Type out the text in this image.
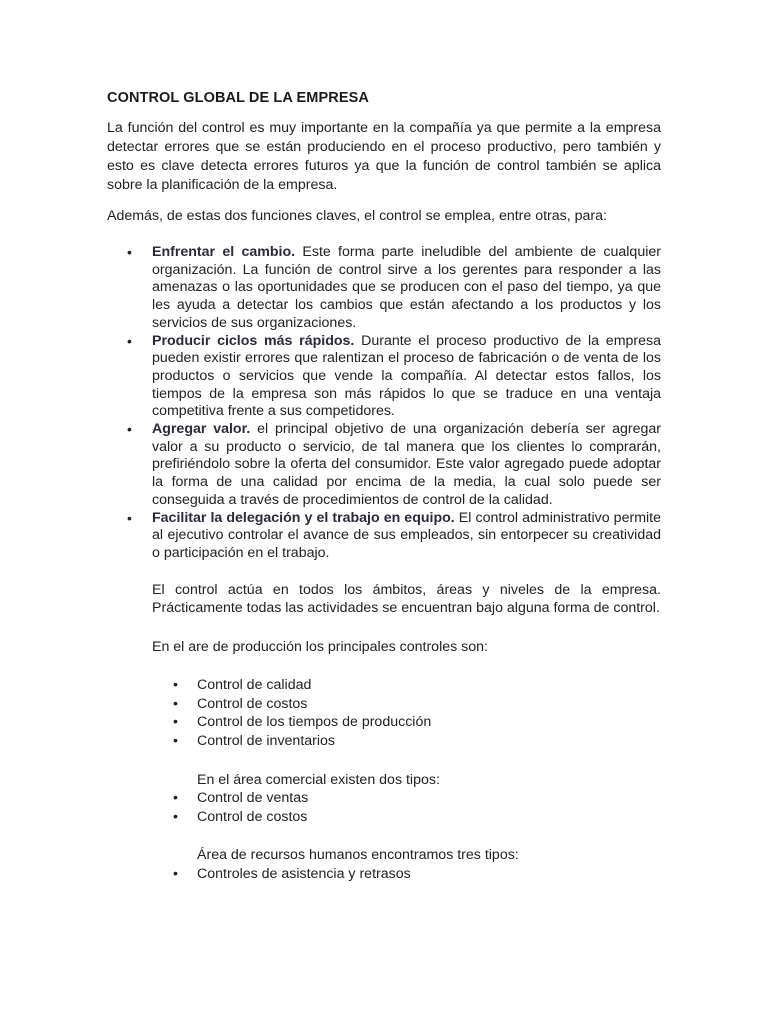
CONTROL GLOBAL DE LA EMPRESA

La función del control es muy importante en la compañía ya que permite a la empresa detectar errores que se están produciendo en el proceso productivo, pero también y esto es clave detecta errores futuros ya que la función de control también se aplica sobre la planificación de la empresa.

Además, de estas dos funciones claves, el control se emplea, entre otras, para:

• Enfrentar el cambio. Este forma parte ineludible del ambiente de cualquier organización. La función de control sirve a los gerentes para responder a las amenazas o las oportunidades que se producen con el paso del tiempo, ya que les ayuda a detectar los cambios que están afectando a los productos y los servicios de sus organizaciones.

• Producir ciclos más rápidos. Durante el proceso productivo de la empresa pueden existir errores que ralentizan el proceso de fabricación o de venta de los productos o servicios que vende la compañía. Al detectar estos fallos, los tiempos de la empresa son más rápidos lo que se traduce en una ventaja competitiva frente a sus competidores.

• Agregar valor. el principal objetivo de una organización debería ser agregar valor a su producto o servicio, de tal manera que los clientes lo comprarán, prefiriéndolo sobre la oferta del consumidor. Este valor agregado puede adoptar la forma de una calidad por encima de la media, la cual solo puede ser conseguida a través de procedimientos de control de la calidad.

• Facilitar la delegación y el trabajo en equipo. El control administrativo permite al ejecutivo controlar el avance de sus empleados, sin entorpecer su creatividad o participación en el trabajo.

El control actúa en todos los ámbitos, áreas y niveles de la empresa. Prácticamente todas las actividades se encuentran bajo alguna forma de control.

En el are de producción los principales controles son:

• Control de calidad
• Control de costos
• Control de los tiempos de producción
• Control de inventarios
En el área comercial existen dos tipos:
• Control de ventas
• Control de costos
Área de recursos humanos encontramos tres tipos:
• Controles de asistencia y retrasos
